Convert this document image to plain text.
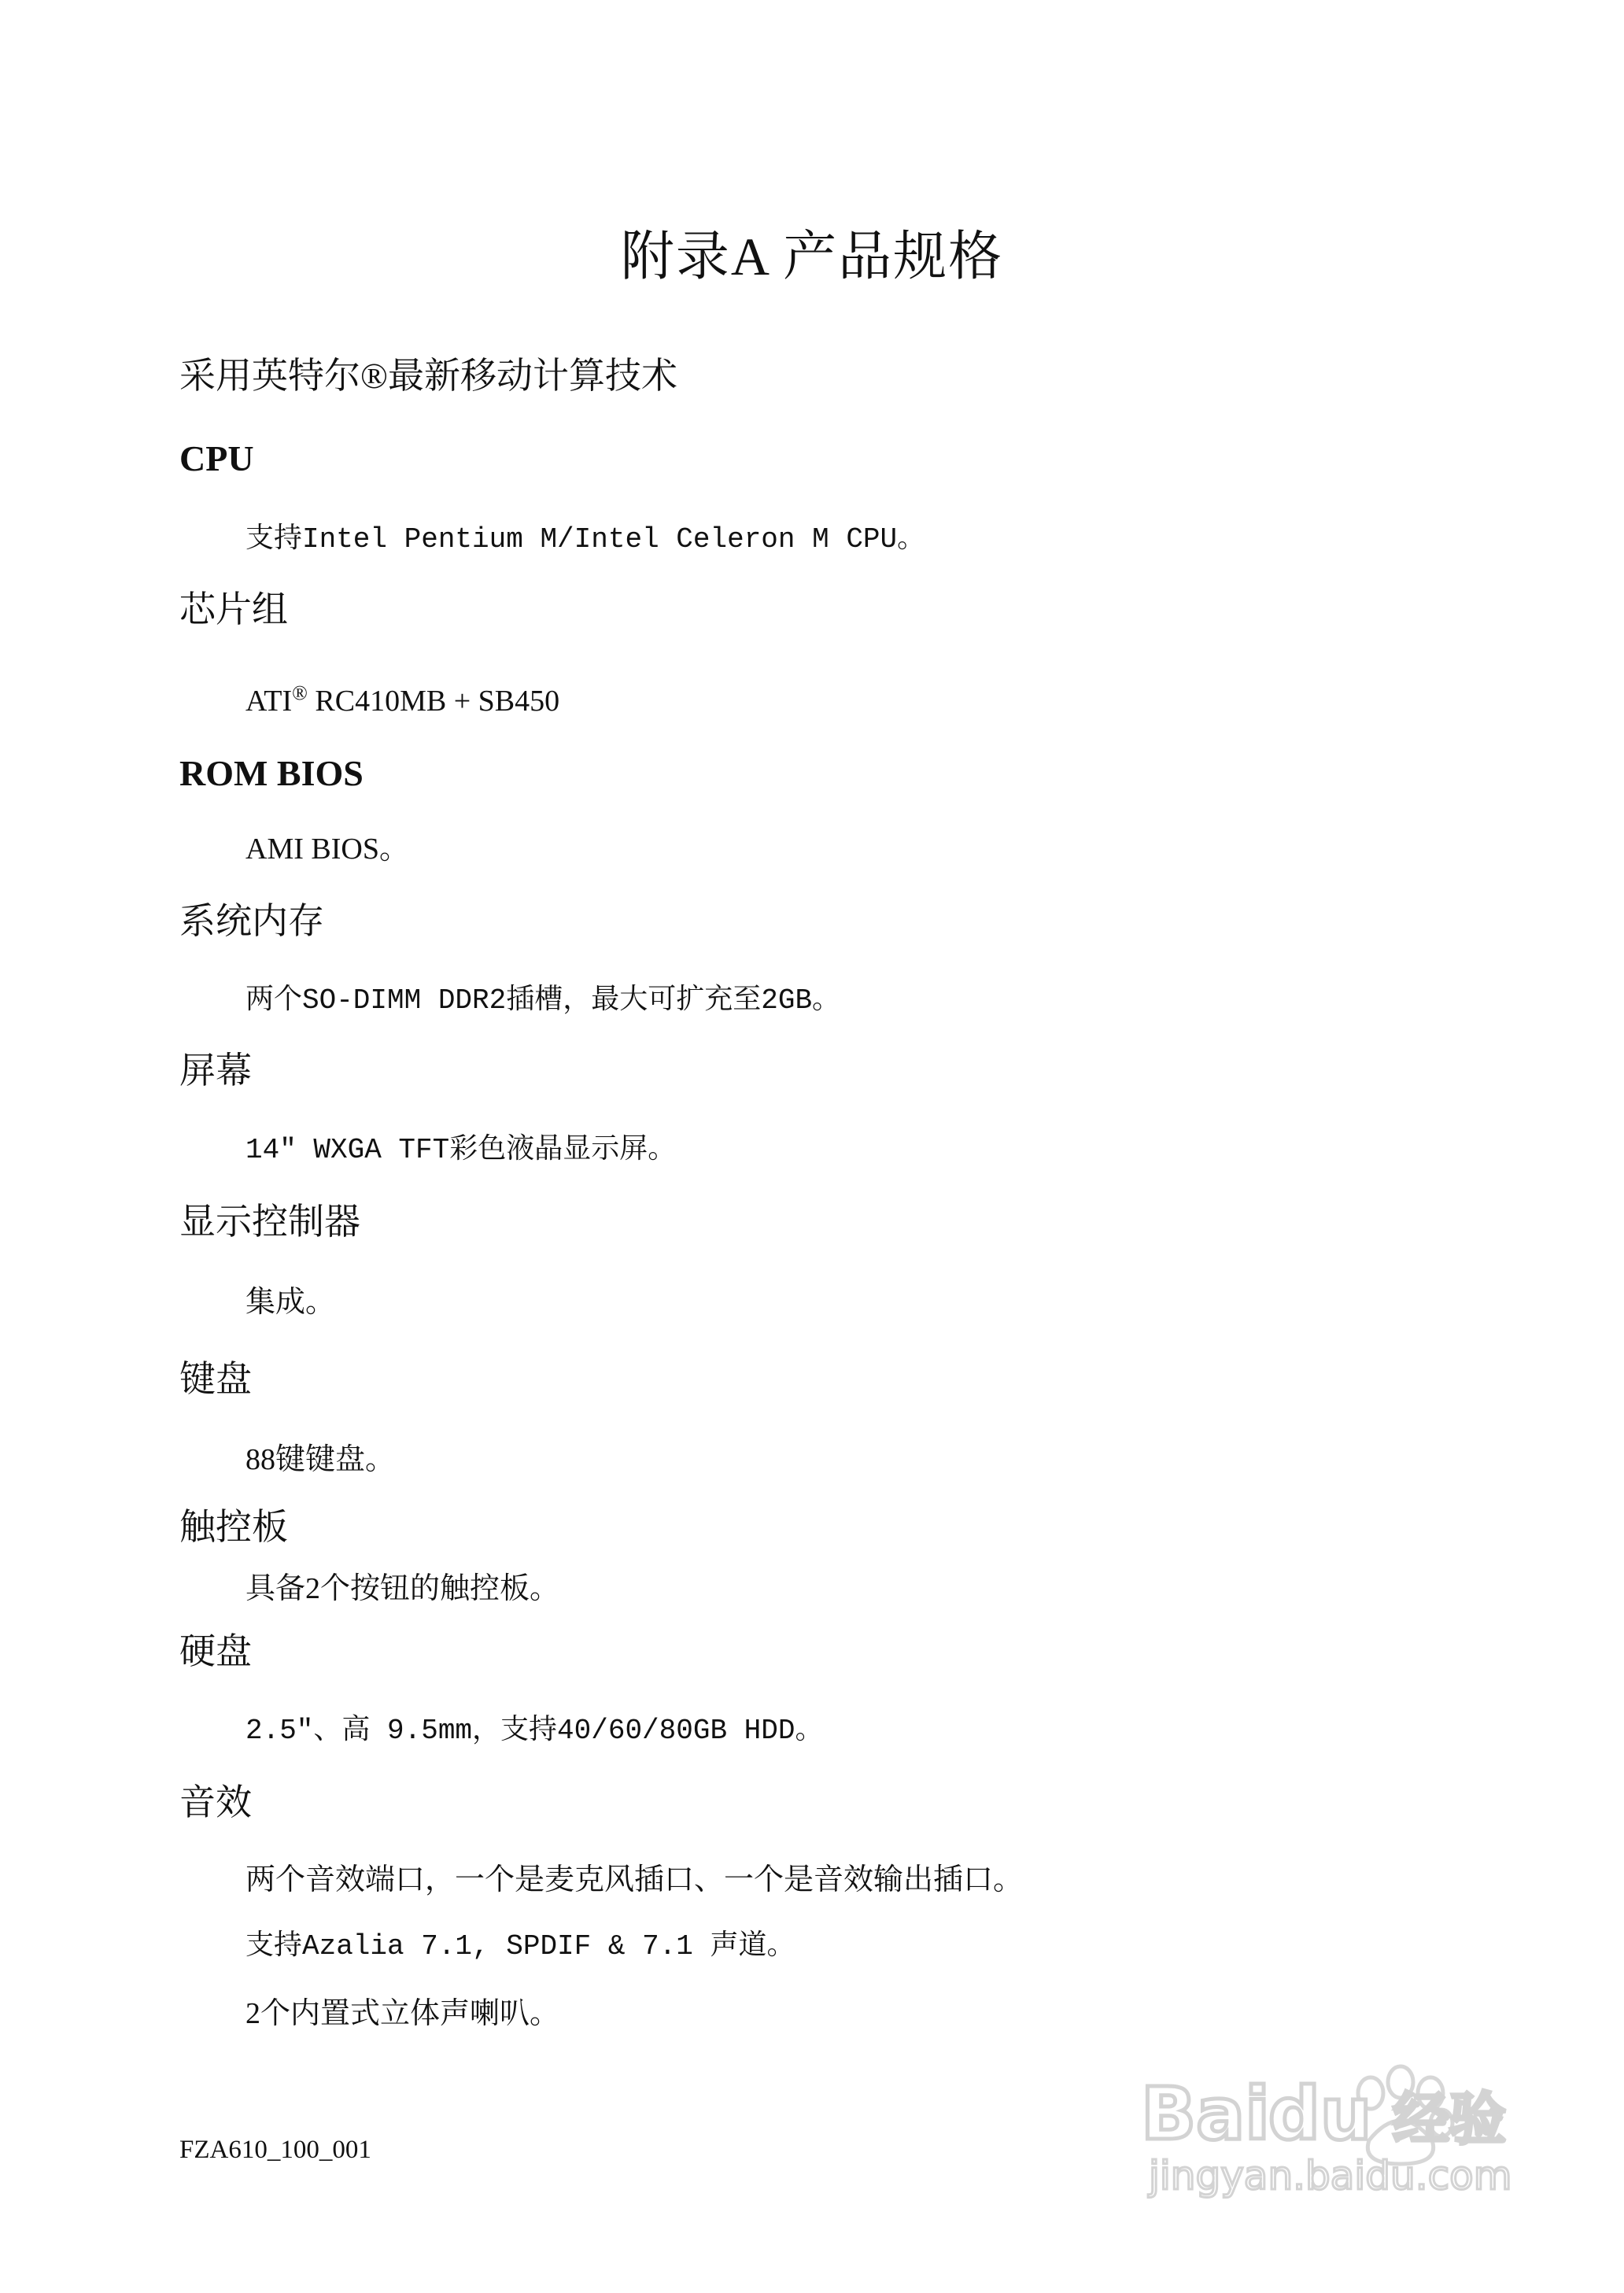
附录A 产品规格
采用英特尔®最新移动计算技术
CPU
支持Intel Pentium M/Intel Celeron M CPU。
芯片组
ATI® RC410MB + SB450
ROM BIOS
AMI BIOS。
系统内存
两个SO-DIMM DDR2插槽，最大可扩充至2GB。
屏幕
14″ WXGA TFT彩色液晶显示屏。
显示控制器
集成。
键盘
88键键盘。
触控板
具备2个按钮的触控板。
硬盘
2.5″、高 9.5mm，支持40/60/80GB HDD。
音效
两个音效端口，一个是麦克风插口、一个是音效输出插口。
支持Azalia 7.1, SPDIF & 7.1 声道。
2个内置式立体声喇叭。
FZA610_100_001	Bai
du 经验
jingyan.baidu.com
